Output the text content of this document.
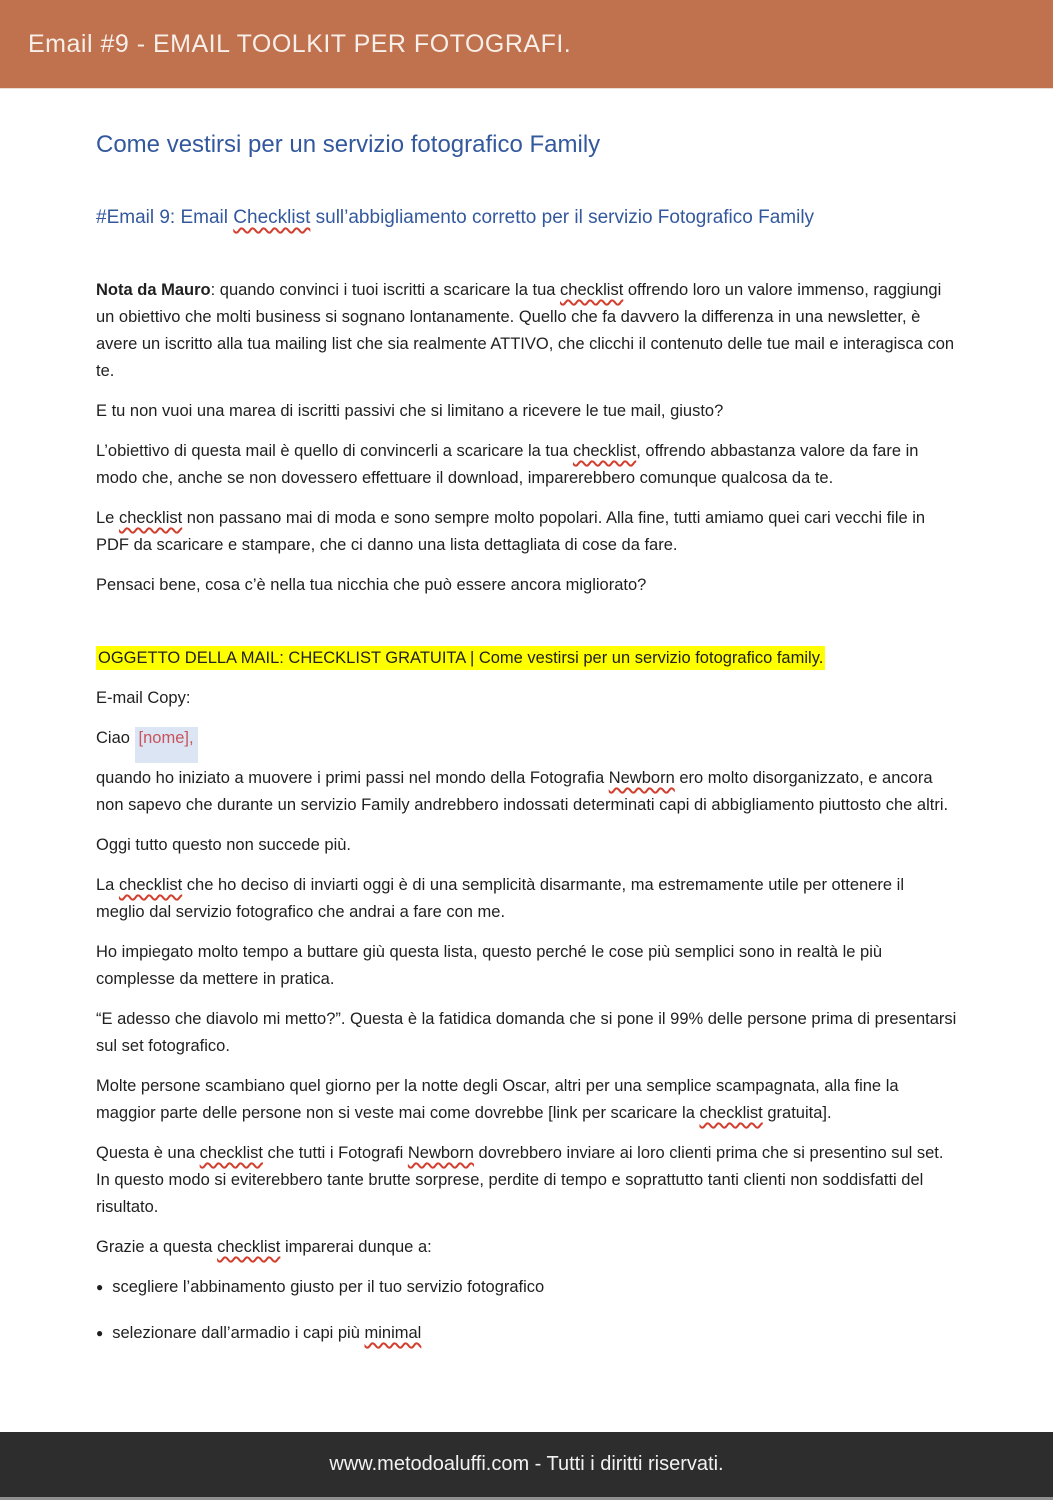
Email #9 - EMAIL TOOLKIT PER FOTOGRAFI.
Come vestirsi per un servizio fotografico Family
#Email 9: Email Checklist sull’abbigliamento corretto per il servizio Fotografico Family

Nota da Mauro: quando convinci i tuoi iscritti a scaricare la tua checklist offrendo loro un valore immenso, raggiungi un obiettivo che molti business si sognano lontanamente. Quello che fa davvero la differenza in una newsletter, è avere un iscritto alla tua mailing list che sia realmente ATTIVO, che clicchi il contenuto delle tue mail e interagisca con te.

E tu non vuoi una marea di iscritti passivi che si limitano a ricevere le tue mail, giusto?

L’obiettivo di questa mail è quello di convincerli a scaricare la tua checklist, offrendo abbastanza valore da fare in modo che, anche se non dovessero effettuare il download, imparerebbero comunque qualcosa da te.

Le checklist non passano mai di moda e sono sempre molto popolari. Alla fine, tutti amiamo quei cari vecchi file in PDF da scaricare e stampare, che ci danno una lista dettagliata di cose da fare.

Pensaci bene, cosa c’è nella tua nicchia che può essere ancora migliorato?

OGGETTO DELLA MAIL: CHECKLIST GRATUITA | Come vestirsi per un servizio fotografico family.

E-mail Copy:

Ciao [nome],

quando ho iniziato a muovere i primi passi nel mondo della Fotografia Newborn ero molto disorganizzato, e ancora non sapevo che durante un servizio Family andrebbero indossati determinati capi di abbigliamento piuttosto che altri.

Oggi tutto questo non succede più.

La checklist che ho deciso di inviarti oggi è di una semplicità disarmante, ma estremamente utile per ottenere il meglio dal servizio fotografico che andrai a fare con me.

Ho impiegato molto tempo a buttare giù questa lista, questo perché le cose più semplici sono in realtà le più complesse da mettere in pratica.

“E adesso che diavolo mi metto?”. Questa è la fatidica domanda che si pone il 99% delle persone prima di presentarsi sul set fotografico.

Molte persone scambiano quel giorno per la notte degli Oscar, altri per una semplice scampagnata, alla fine la maggior parte delle persone non si veste mai come dovrebbe [link per scaricare la checklist gratuita].

Questa è una checklist che tutti i Fotografi Newborn dovrebbero inviare ai loro clienti prima che si presentino sul set. In questo modo si eviterebbero tante brutte sorprese, perdite di tempo e soprattutto tanti clienti non soddisfatti del risultato.

Grazie a questa checklist imparerai dunque a:

● scegliere l’abbinamento giusto per il tuo servizio fotografico
● selezionare dall’armadio i capi più minimal
www.metodoaluffi.com - Tutti i diritti riservati.
